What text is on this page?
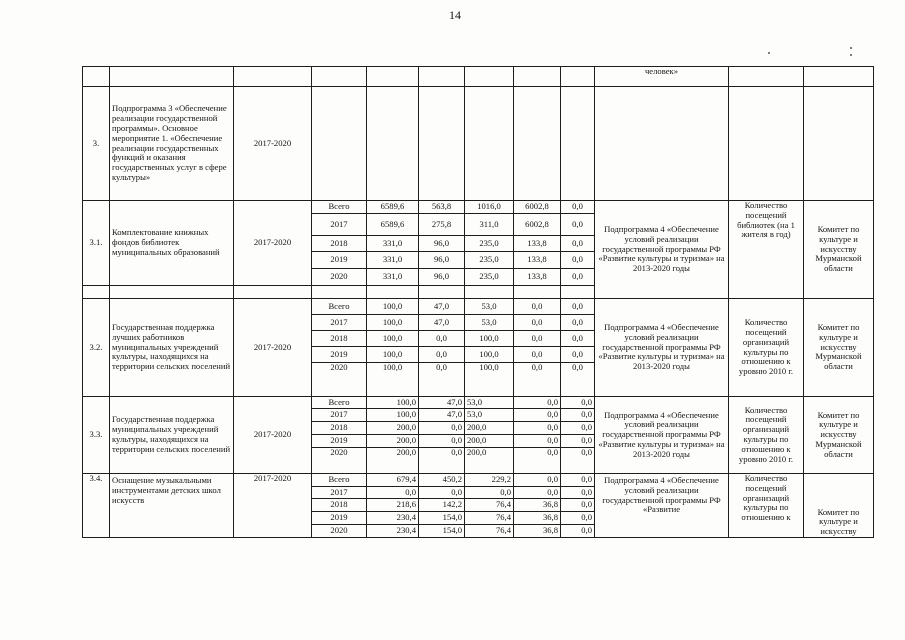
14
									человек»		
3.	Подпрограмма 3 «Обеспечение реализации государственной программы». Основное мероприятие 1. «Обеспечение реализации государственных функций и оказания государственных услуг в сфере культуры»	2017-2020									
3.1.	Комплектование книжных фондов библиотек муниципальных образований	2017-2020	Всего	6589,6	563,8	1016,0	6002,8	0,0	Подпрограмма 4 «Обеспечение условий реализации государственной программы РФ «Развитие культуры и туризма» на 2013-2020 годы	Количество посещений библиотек (на 1 жителя в год)	Комитет по культуре и искусству Мурманской области
			2017	6589,6	275,8	311,0	6002,8	0,0			
			2018	331,0	96,0	235,0	133,8	0,0			
			2019	331,0	96,0	235,0	133,8	0,0			
			2020	331,0	96,0	235,0	133,8	0,0			

3.2.	Государственная поддержка лучших работников муниципальных учреждений культуры, находящихся на территории сельских поселений	2017-2020	Всего	100,0	47,0	53,0	0,0	0,0	Подпрограмма 4 «Обеспечение условий реализации государственной программы РФ «Развитие культуры и туризма» на 2013-2020 годы	Количество посещений организаций культуры по отношению к уровню 2010 г.	Комитет по культуре и искусству Мурманской области
			2017	100,0	47,0	53,0	0,0	0,0			
			2018	100,0	0,0	100,0	0,0	0,0			
			2019	100,0	0,0	100,0	0,0	0,0			
			2020	100,0	0,0	100,0	0,0	0,0			
3.3.	Государственная поддержка муниципальных учреждений культуры, находящихся на территории сельских поселений	2017-2020	Всего	100,0	47,0	53,0	0,0	0,0	Подпрограмма 4 «Обеспечение условий реализации государственной программы РФ «Развитие культуры и туризма» на 2013-2020 годы	Количество посещений организаций культуры по отношению к уровню 2010 г.	Комитет по культуре и искусству Мурманской области
			2017	100,0	47,0	53,0	0,0	0,0			
			2018	200,0	0,0	200,0	0,0	0,0			
			2019	200,0	0,0	200,0	0,0	0,0			
			2020	200,0	0,0	200,0	0,0	0,0			
3.4.	Оснащение музыкальными инструментами детских школ искусств	2017-2020	Всего	679,4	450,2	229,2	0,0	0,0	Подпрограмма 4 «Обеспечение условий реализации государственной программы РФ «Развитие	Количество посещений организаций культуры по отношению к	Комитет по культуре и искусству
			2017	0,0	0,0	0,0	0,0	0,0			
			2018	218,6	142,2	76,4	36,8	0,0			
			2019	230,4	154,0	76,4	36,8	0,0			
			2020	230,4	154,0	76,4	36,8	0,0			
